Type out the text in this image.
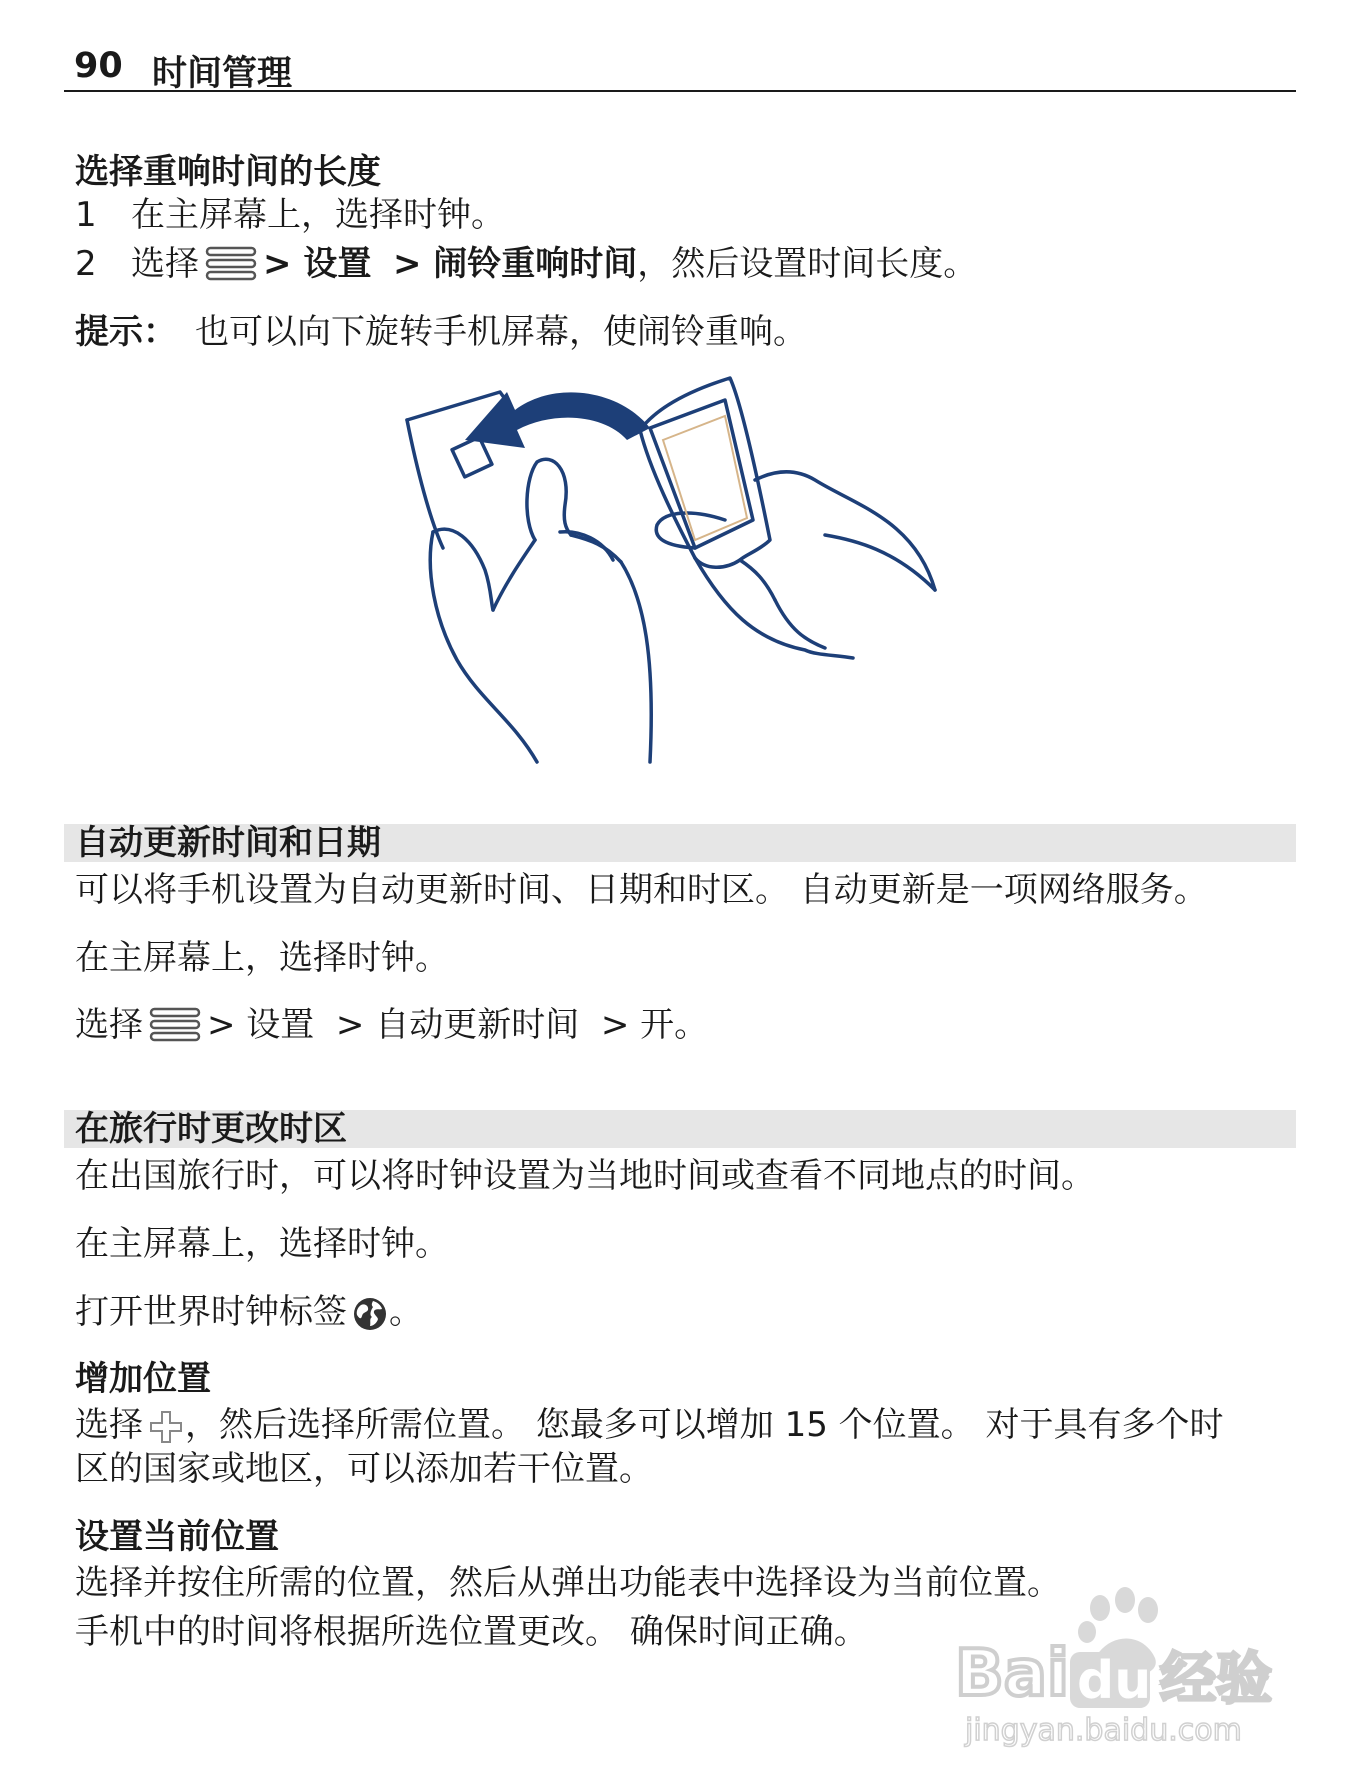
90 时间管理
选择重响时间的长度
1 在主屏幕上，选择时钟。
2 选择 > 设置 > 闹铃重响时间，然后设置时间长度。
提示： 也可以向下旋转手机屏幕，使闹铃重响。
自动更新时间和日期
可以将手机设置为自动更新时间、日期和时区。 自动更新是一项网络服务。
在主屏幕上，选择时钟。
选择 > 设置 > 自动更新时间 > 开。
在旅行时更改时区
在出国旅行时，可以将时钟设置为当地时间或查看不同地点的时间。
在主屏幕上，选择时钟。
打开世界时钟标签 。
增加位置
选择 ，然后选择所需位置。 您最多可以增加 15 个位置。 对于具有多个时
区的国家或地区，可以添加若干位置。
设置当前位置
选择并按住所需的位置，然后从弹出功能表中选择设为当前位置。
手机中的时间将根据所选位置更改。 确保时间正确。
Bai du 经验
jingyan.baidu.com
